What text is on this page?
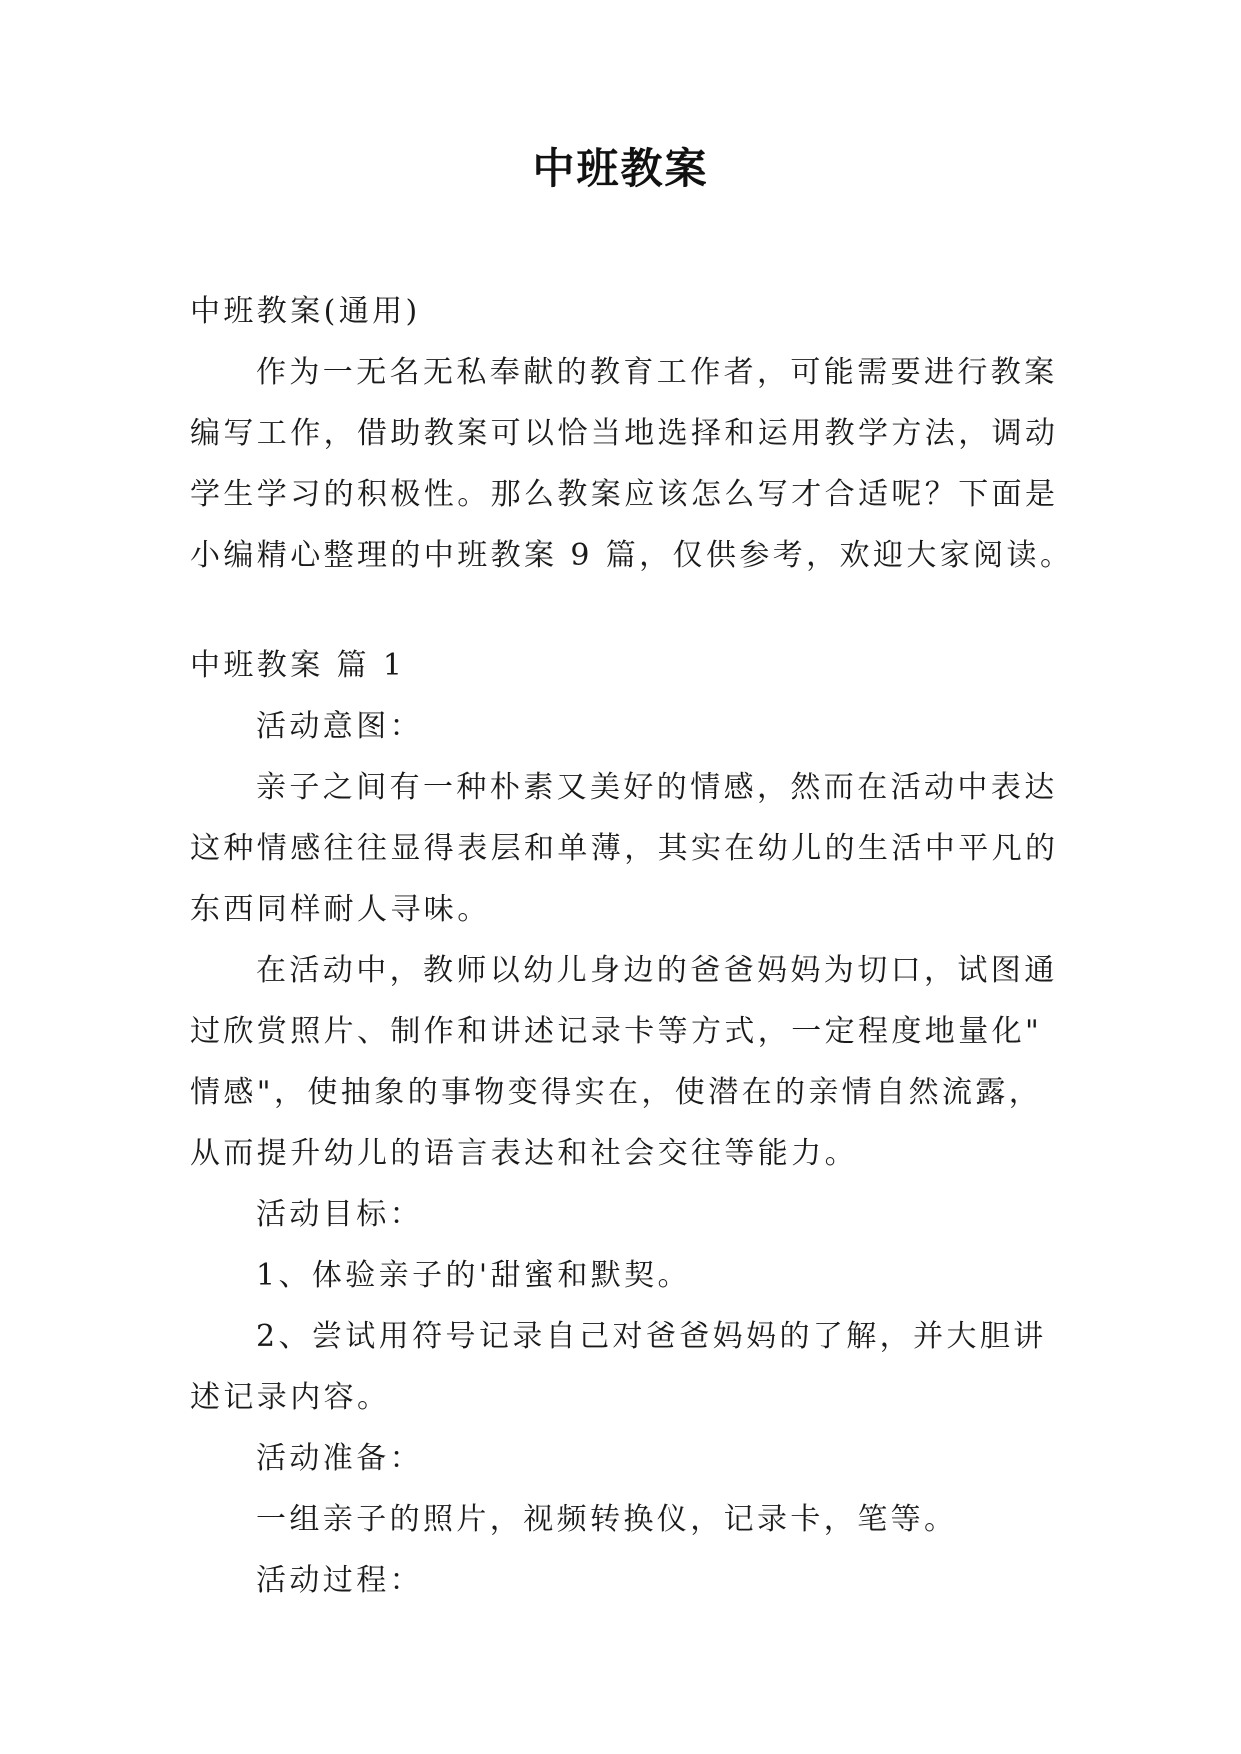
中班教案
中班教案(通用)
作为一无名无私奉献的教育工作者，可能需要进行教案
编写工作，借助教案可以恰当地选择和运用教学方法，调动
学生学习的积极性。那么教案应该怎么写才合适呢？下面是
小编精心整理的中班教案 9 篇，仅供参考，欢迎大家阅读。
中班教案 篇 1
活动意图：
亲子之间有一种朴素又美好的情感，然而在活动中表达
这种情感往往显得表层和单薄，其实在幼儿的生活中平凡的
东西同样耐人寻味。
在活动中，教师以幼儿身边的爸爸妈妈为切口，试图通
过欣赏照片、制作和讲述记录卡等方式，一定程度地量化"
情感"，使抽象的事物变得实在，使潜在的亲情自然流露，
从而提升幼儿的语言表达和社会交往等能力。
活动目标：
1、体验亲子的'甜蜜和默契。
2、尝试用符号记录自己对爸爸妈妈的了解，并大胆讲
述记录内容。
活动准备：
一组亲子的照片，视频转换仪，记录卡，笔等。
活动过程：
